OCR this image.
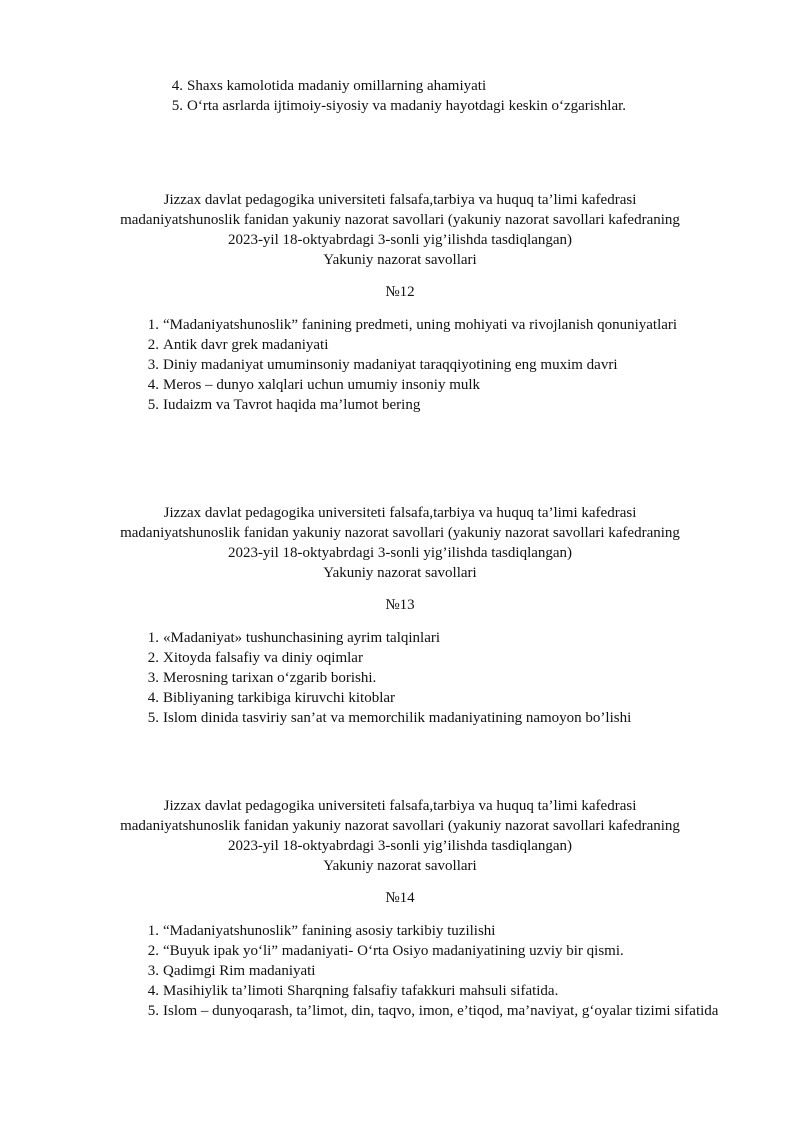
4. Shaxs kamolotida madaniy omillarning ahamiyati
5. O‘rta asrlarda ijtimoiy-siyosiy va madaniy hayotdagi keskin o‘zgarishlar.
Jizzax davlat pedagogika universiteti falsafa,tarbiya va huquq ta’limi kafedrasi
madaniyatshunoslik fanidan yakuniy nazorat savollari (yakuniy nazorat savollari kafedraning
2023-yil 18-oktyabrdagi 3-sonli yig’ilishda tasdiqlangan)
Yakuniy nazorat savollari
№12
1. “Madaniyatshunoslik” fanining predmeti, uning mohiyati va rivojlanish qonuniyatlari
2. Antik davr grek madaniyati
3. Diniy madaniyat umuminsoniy madaniyat taraqqiyotining eng muxim davri
4. Meros – dunyo xalqlari uchun umumiy insoniy mulk
5. Iudaizm va Tavrot haqida ma’lumot bering
Jizzax davlat pedagogika universiteti falsafa,tarbiya va huquq ta’limi kafedrasi
madaniyatshunoslik fanidan yakuniy nazorat savollari (yakuniy nazorat savollari kafedraning
2023-yil 18-oktyabrdagi 3-sonli yig’ilishda tasdiqlangan)
Yakuniy nazorat savollari
№13
1. «Madaniyat» tushunchasining ayrim talqinlari
2. Xitoyda falsafiy va diniy oqimlar
3. Merosning tarixan o‘zgarib borishi.
4. Bibliyaning tarkibiga kiruvchi kitoblar
5. Islom dinida tasviriy san’at va memorchilik madaniyatining namoyon bo’lishi
Jizzax davlat pedagogika universiteti falsafa,tarbiya va huquq ta’limi kafedrasi
madaniyatshunoslik fanidan yakuniy nazorat savollari (yakuniy nazorat savollari kafedraning
2023-yil 18-oktyabrdagi 3-sonli yig’ilishda tasdiqlangan)
Yakuniy nazorat savollari
№14
1. “Madaniyatshunoslik” fanining asosiy tarkibiy tuzilishi
2. “Buyuk ipak yo‘li” madaniyati- O‘rta Osiyo madaniyatining uzviy bir qismi.
3. Qadimgi Rim madaniyati
4. Masihiylik ta’limoti Sharqning falsafiy tafakkuri mahsuli sifatida.
5. Islom – dunyoqarash, ta’limot, din, taqvo, imon, e’tiqod, ma’naviyat, g‘oyalar tizimi sifatida
